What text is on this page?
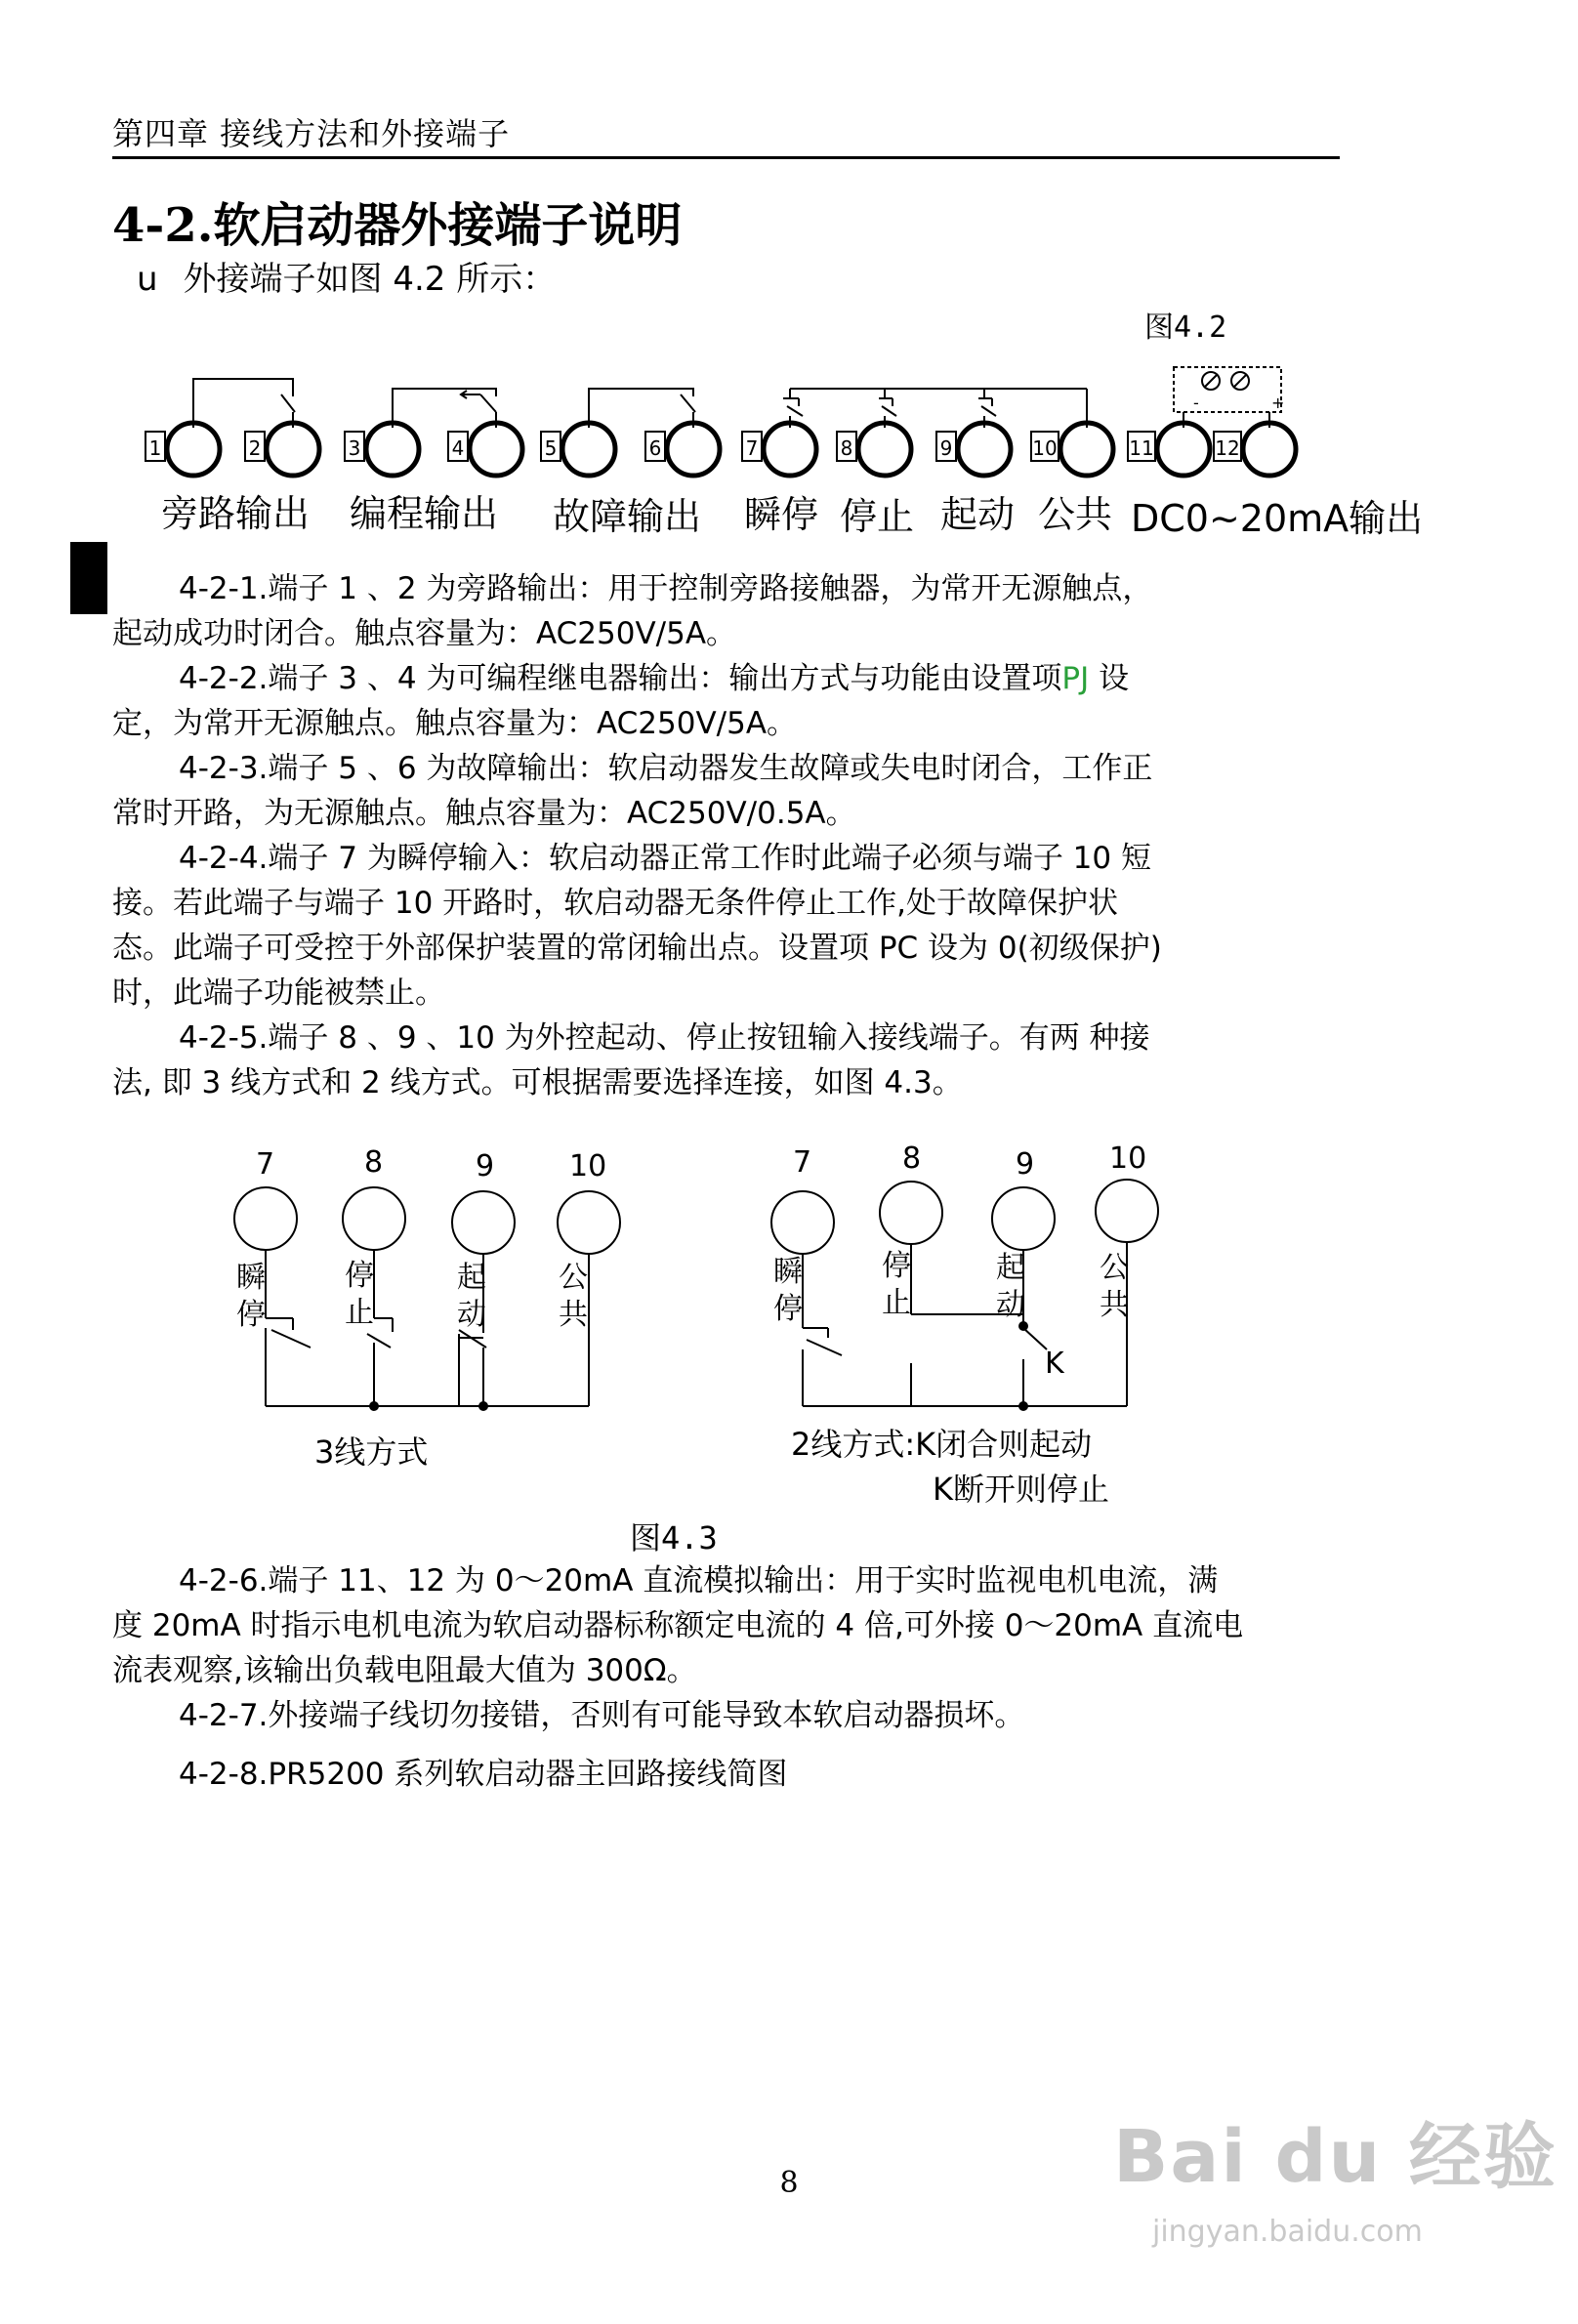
第四章 接线方法和外接端子
4-2.软启动器外接端子说明
u 外接端子如图 4.2 所示：
图4.2
-	+
1	2	3	4	5	6	7	8	9	10	11	12
旁路输出 编程输出 故障输出 瞬停 停止 起动 公共 DC0~20mA输出
4-2-1.端子 1 、2 为旁路输出：用于控制旁路接触器，为常开无源触点，
起动成功时闭合。触点容量为：AC250V/5A。
4-2-2.端子 3 、4 为可编程继电器输出：输出方式与功能由设置项PJ 设
定，为常开无源触点。触点容量为：AC250V/5A。
4-2-3.端子 5 、6 为故障输出：软启动器发生故障或失电时闭合，工作正
常时开路，为无源触点。触点容量为：AC250V/0.5A。
4-2-4.端子 7 为瞬停输入：软启动器正常工作时此端子必须与端子 10 短
接。若此端子与端子 10 开路时，软启动器无条件停止工作,处于故障保护状
态。此端子可受控于外部保护装置的常闭输出点。设置项 PC 设为 0(初级保护)
时，此端子功能被禁止。
4-2-5.端子 8 、9 、10 为外控起动、停止按钮输入接线端子。有两 种接
法, 即 3 线方式和 2 线方式。可根据需要选择连接，如图 4.3。
7	8	9	10	7	8	9	10
K
瞬
停
停
止
起
动
公
共
瞬
停
停
止
起
动
公
共
3线方式	2线方式:K闭合则起动
K断开则停止
图4.3
4-2-6.端子 11、12 为 0～20mA 直流模拟输出：用于实时监视电机电流，满
度 20mA 时指示电机电流为软启动器标称额定电流的 4 倍,可外接 0～20mA 直流电
流表观察,该输出负载电阻最大值为 300Ω。
4-2-7.外接端子线切勿接错，否则有可能导致本软启动器损坏。
4-2-8.PR5200 系列软启动器主回路接线简图
Bai du 经验
jingyan.baidu.com
8
